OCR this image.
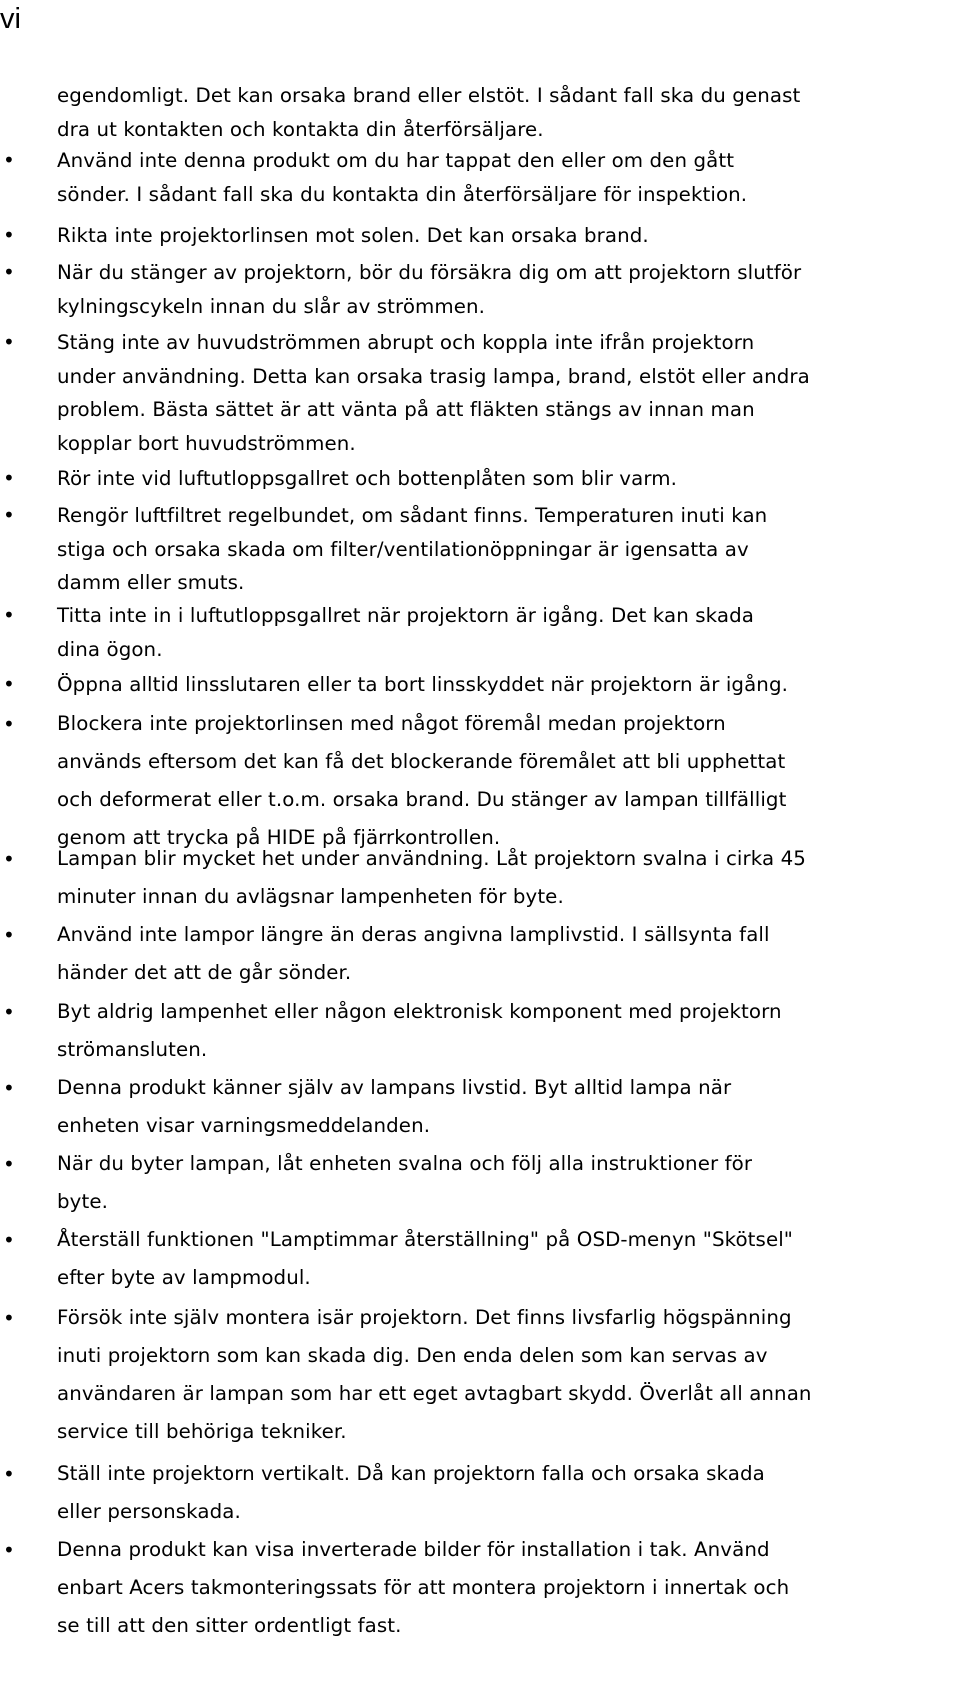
vi
egendomligt. Det kan orsaka brand eller elstöt. I sådant fall ska du genast
dra ut kontakten och kontakta din återförsäljare.
• Använd inte denna produkt om du har tappat den eller om den gått
sönder. I sådant fall ska du kontakta din återförsäljare för inspektion.
• Rikta inte projektorlinsen mot solen. Det kan orsaka brand.
• När du stänger av projektorn, bör du försäkra dig om att projektorn slutför
kylningscykeln innan du slår av strömmen.
• Stäng inte av huvudströmmen abrupt och koppla inte ifrån projektorn
under användning. Detta kan orsaka trasig lampa, brand, elstöt eller andra
problem. Bästa sättet är att vänta på att fläkten stängs av innan man
kopplar bort huvudströmmen.
• Rör inte vid luftutloppsgallret och bottenplåten som blir varm.
• Rengör luftfiltret regelbundet, om sådant finns. Temperaturen inuti kan
stiga och orsaka skada om filter/ventilationöppningar är igensatta av
damm eller smuts.
• Titta inte in i luftutloppsgallret när projektorn är igång. Det kan skada
dina ögon.
• Öppna alltid linsslutaren eller ta bort linsskyddet när projektorn är igång.
• Blockera inte projektorlinsen med något föremål medan projektorn
används eftersom det kan få det blockerande föremålet att bli upphettat
och deformerat eller t.o.m. orsaka brand. Du stänger av lampan tillfälligt
genom att trycka på HIDE på fjärrkontrollen.
• Lampan blir mycket het under användning. Låt projektorn svalna i cirka 45
minuter innan du avlägsnar lampenheten för byte.
• Använd inte lampor längre än deras angivna lamplivstid. I sällsynta fall
händer det att de går sönder.
• Byt aldrig lampenhet eller någon elektronisk komponent med projektorn
strömansluten.
• Denna produkt känner själv av lampans livstid. Byt alltid lampa när
enheten visar varningsmeddelanden.
• När du byter lampan, låt enheten svalna och följ alla instruktioner för
byte.
• Återställ funktionen "Lamptimmar återställning" på OSD-menyn "Skötsel"
efter byte av lampmodul.
• Försök inte själv montera isär projektorn. Det finns livsfarlig högspänning
inuti projektorn som kan skada dig. Den enda delen som kan servas av
användaren är lampan som har ett eget avtagbart skydd. Överlåt all annan
service till behöriga tekniker.
• Ställ inte projektorn vertikalt. Då kan projektorn falla och orsaka skada
eller personskada.
• Denna produkt kan visa inverterade bilder för installation i tak. Använd
enbart Acers takmonteringssats för att montera projektorn i innertak och
se till att den sitter ordentligt fast.
